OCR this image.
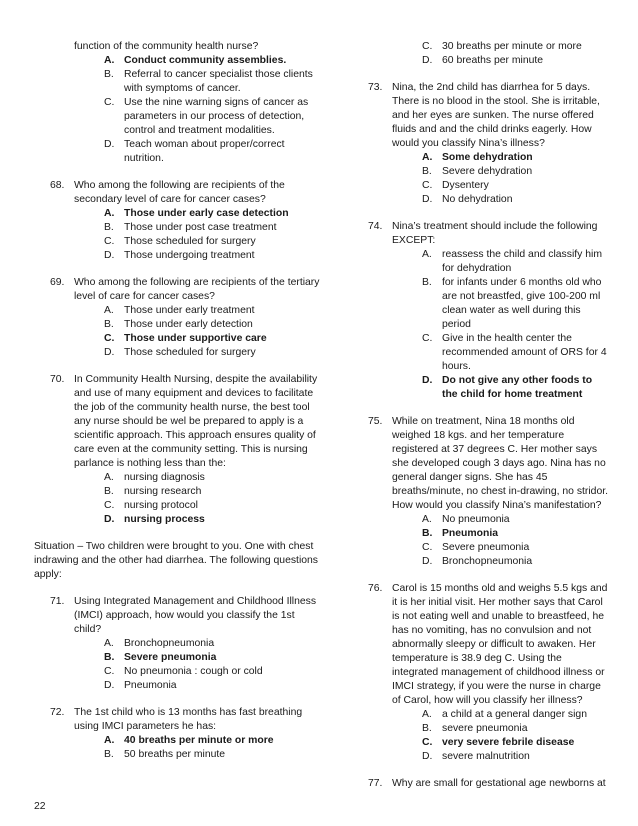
function of the community health nurse?
A. Conduct community assemblies.
B. Referral to cancer specialist those clients with symptoms of cancer.
C. Use the nine warning signs of cancer as parameters in our process of detection, control and treatment modalities.
D. Teach woman about proper/correct nutrition.
68. Who among the following are recipients of the secondary level of care for cancer cases?
A. Those under early case detection
B. Those under post case treatment
C. Those scheduled for surgery
D. Those undergoing treatment
69. Who among the following are recipients of the tertiary level of care for cancer cases?
A. Those under early treatment
B. Those under early detection
C. Those under supportive care
D. Those scheduled for surgery
70. In Community Health Nursing, despite the availability and use of many equipment and devices to facilitate the job of the community health nurse, the best tool any nurse should be wel be prepared to apply is a scientific approach. This approach ensures quality of care even at the community setting. This is nursing parlance is nothing less than the:
A. nursing diagnosis
B. nursing research
C. nursing protocol
D. nursing process
Situation – Two children were brought to you. One with chest indrawing and the other had diarrhea. The following questions apply:
71. Using Integrated Management and Childhood Illness (IMCI) approach, how would you classify the 1st child?
A. Bronchopneumonia
B. Severe pneumonia
C. No pneumonia : cough or cold
D. Pneumonia
72. The 1st child who is 13 months has fast breathing using IMCI parameters he has:
A. 40 breaths per minute or more
B. 50 breaths per minute
C. 30 breaths per minute or more
D. 60 breaths per minute
73. Nina, the 2nd child has diarrhea for 5 days. There is no blood in the stool. She is irritable, and her eyes are sunken. The nurse offered fluids and and the child drinks eagerly. How would you classify Nina’s illness?
A. Some dehydration
B. Severe dehydration
C. Dysentery
D. No dehydration
74. Nina’s treatment should include the following EXCEPT:
A. reassess the child and classify him for dehydration
B. for infants under 6 months old who are not breastfed, give 100-200 ml clean water as well during this period
C. Give in the health center the recommended amount of ORS for 4 hours.
D. Do not give any other foods to the child for home treatment
75. While on treatment, Nina 18 months old weighed 18 kgs. and her temperature registered at 37 degrees C. Her mother says she developed cough 3 days ago. Nina has no general danger signs. She has 45 breaths/minute, no chest in-drawing, no stridor. How would you classify Nina’s manifestation?
A. No pneumonia
B. Pneumonia
C. Severe pneumonia
D. Bronchopneumonia
76. Carol is 15 months old and weighs 5.5 kgs and it is her initial visit. Her mother says that Carol is not eating well and unable to breastfeed, he has no vomiting, has no convulsion and not abnormally sleepy or difficult to awaken. Her temperature is 38.9 deg C. Using the integrated management of childhood illness or IMCI strategy, if you were the nurse in charge of Carol, how will you classify her illness?
A. a child at a general danger sign
B. severe pneumonia
C. very severe febrile disease
D. severe malnutrition
77. Why are small for gestational age newborns at
22
